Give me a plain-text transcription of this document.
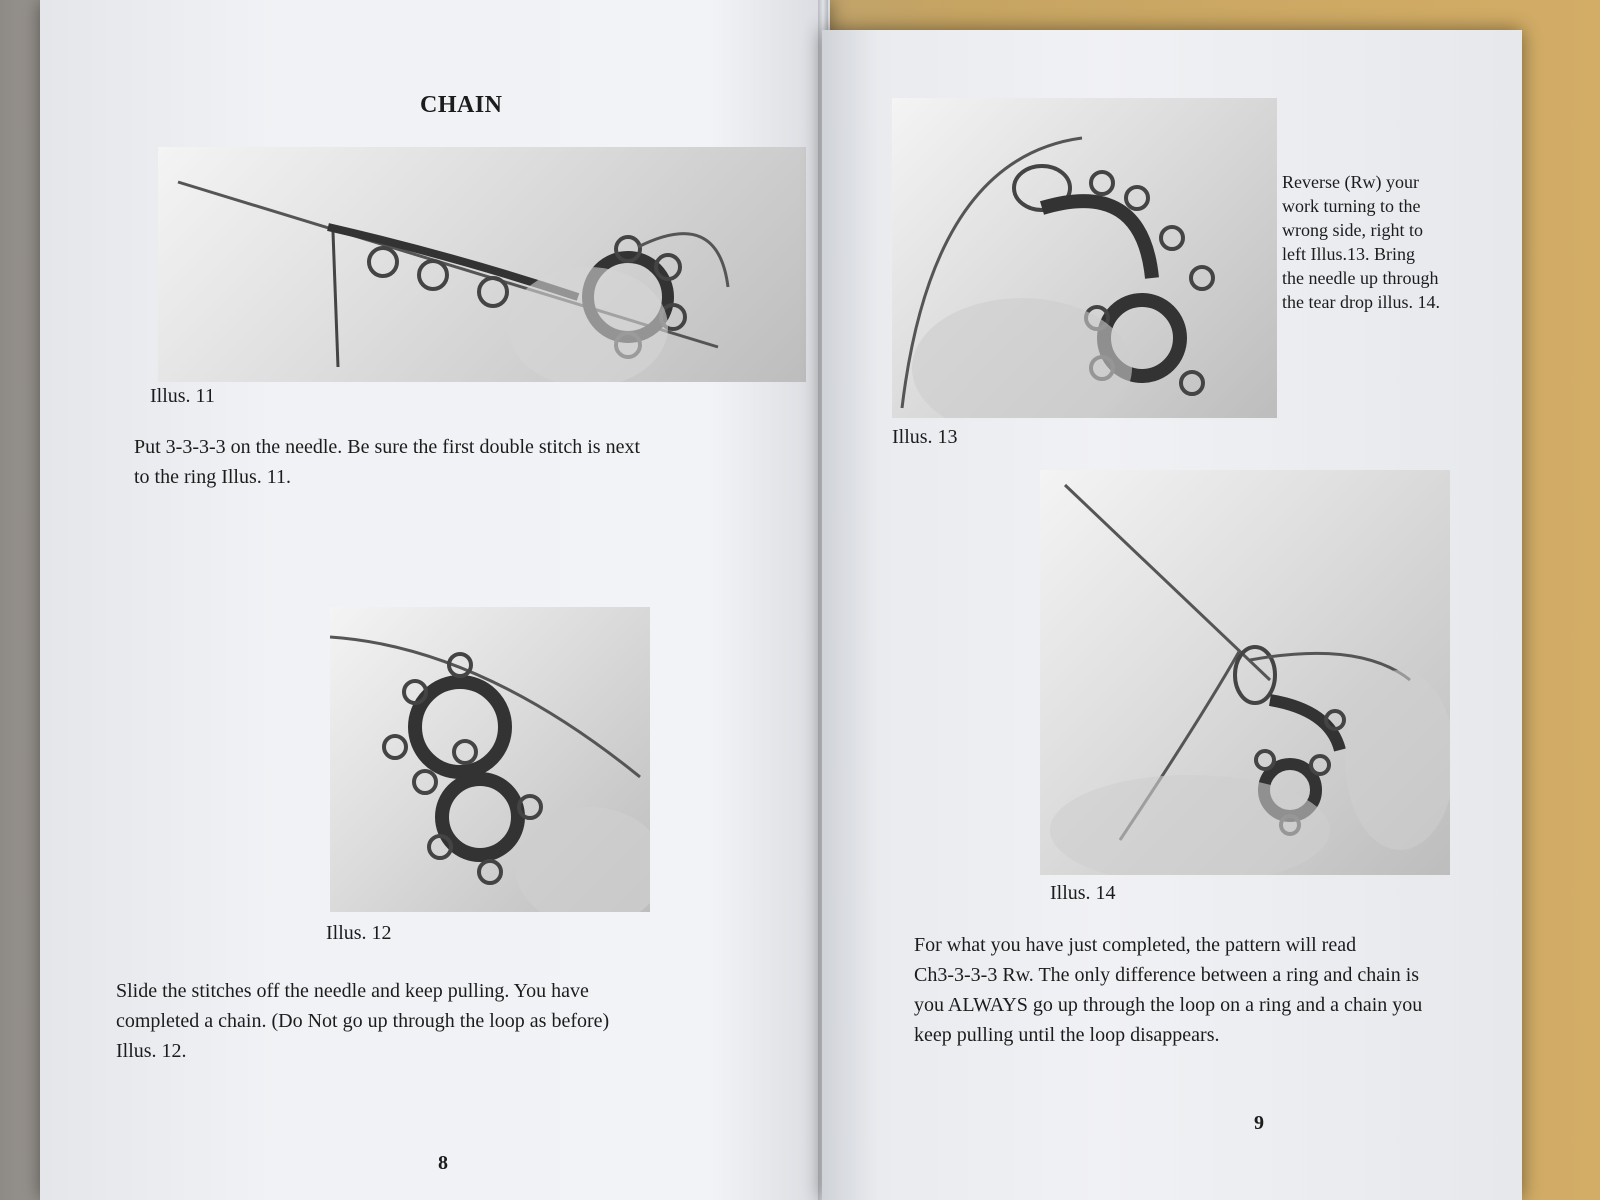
CHAIN
Illus. 11
Put 3-3-3-3 on the needle. Be sure the first double stitch is next
to the ring Illus. 11.
Illus. 12
Slide the stitches off the needle and keep pulling. You have
completed a chain. (Do Not go up through the loop as before)
Illus. 12.
8
Illus. 13
Reverse (Rw) your
work turning to the
wrong side, right to
left Illus.13. Bring
the needle up through
the tear drop illus. 14.
Illus. 14
For what you have just completed, the pattern will read
Ch3-3-3-3 Rw. The only difference between a ring and chain is
you ALWAYS go up through the loop on a ring and a chain you
keep pulling until the loop disappears.
9
